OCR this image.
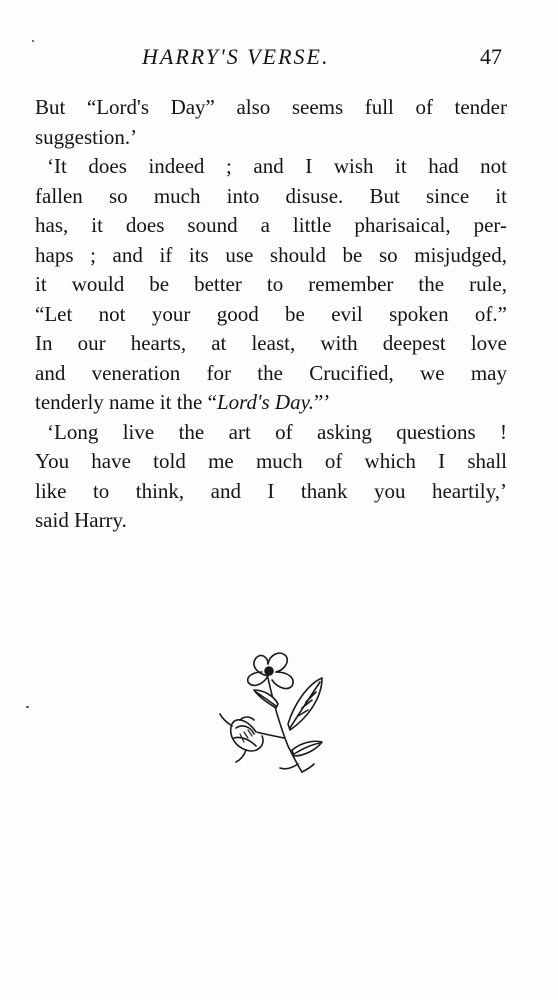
HARRY'S VERSE.	47
But “Lord's Day” also seems full of tender
suggestion.’
‘It does indeed ; and I wish it had not
fallen so much into disuse. But since it
has, it does sound a little pharisaical, per-
haps ; and if its use should be so misjudged,
it would be better to remember the rule,
“Let not your good be evil spoken of.”
In our hearts, at least, with deepest love
and veneration for the Crucified, we may
tenderly name it the “Lord's Day.”’
‘Long live the art of asking questions !
You have told me much of which I shall
like to think, and I thank you heartily,’
said Harry.
